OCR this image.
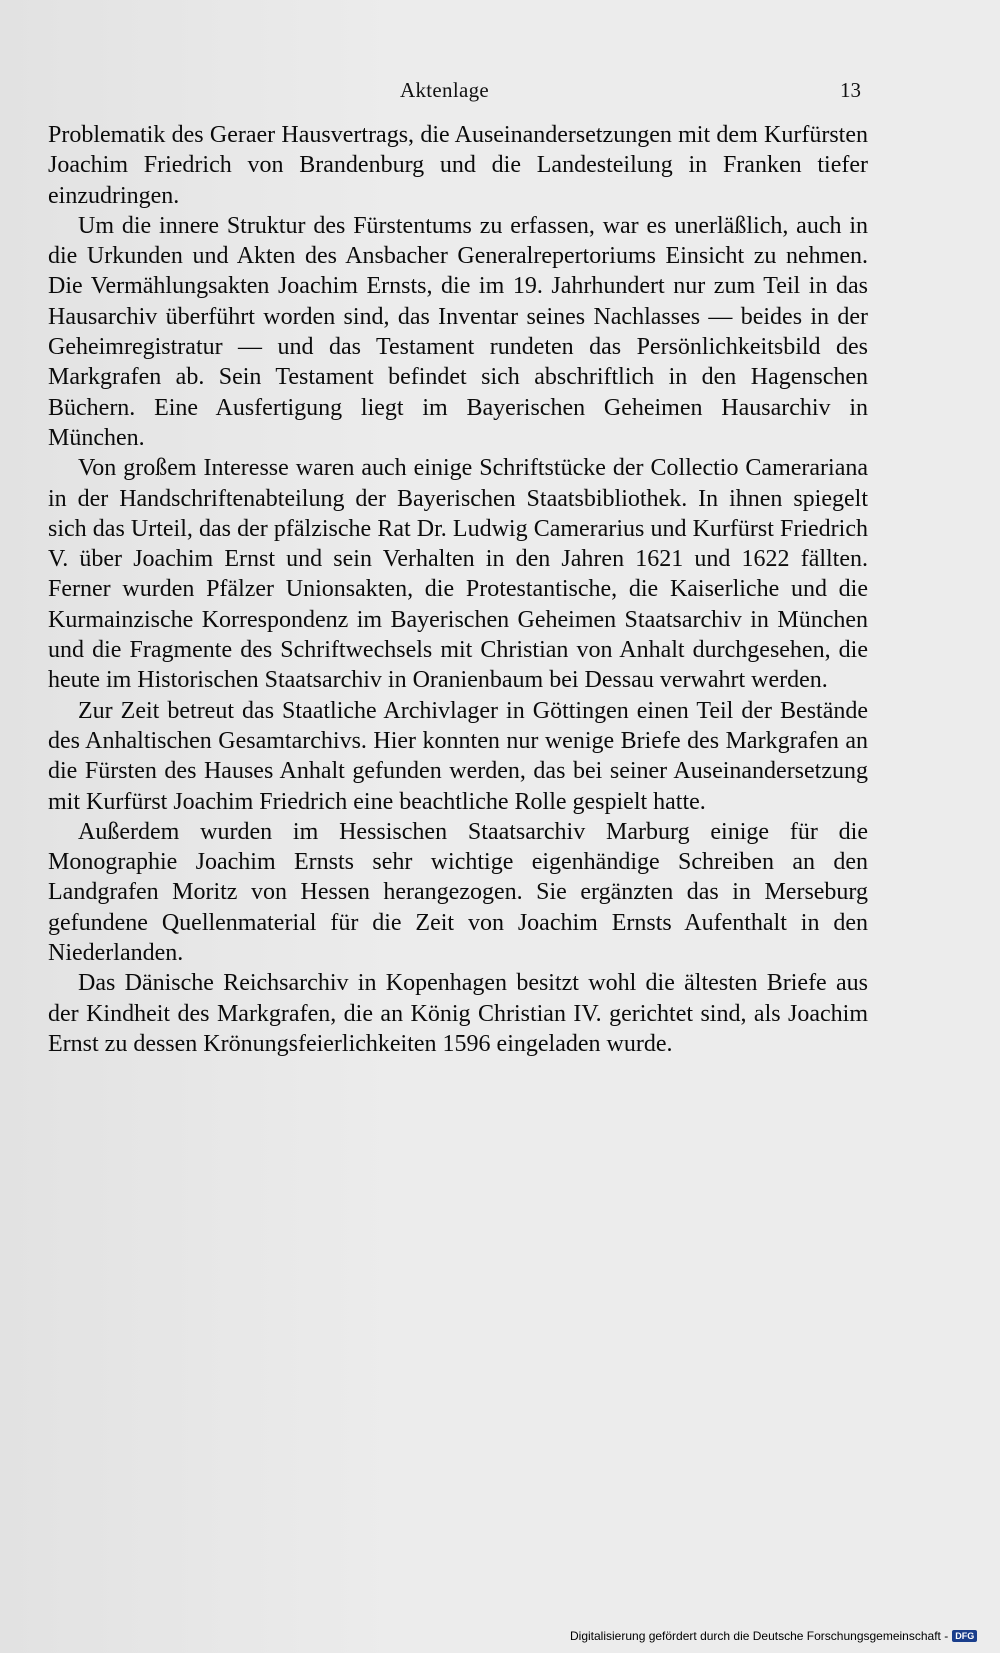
Aktenlage	13

Problematik des Geraer Hausvertrags, die Auseinandersetzungen mit dem Kurfürsten Joachim Friedrich von Brandenburg und die Landesteilung in Franken tiefer einzudringen.

Um die innere Struktur des Fürstentums zu erfassen, war es unerläßlich, auch in die Urkunden und Akten des Ansbacher Generalrepertoriums Einsicht zu nehmen. Die Vermählungsakten Joachim Ernsts, die im 19. Jahrhundert nur zum Teil in das Hausarchiv überführt worden sind, das Inventar seines Nachlasses — beides in der Geheimregistratur — und das Testament rundeten das Persönlichkeitsbild des Markgrafen ab. Sein Testament befindet sich abschriftlich in den Hagenschen Büchern. Eine Ausfertigung liegt im Bayerischen Geheimen Hausarchiv in München.

Von großem Interesse waren auch einige Schriftstücke der Collectio Camerariana in der Handschriftenabteilung der Bayerischen Staatsbibliothek. In ihnen spiegelt sich das Urteil, das der pfälzische Rat Dr. Ludwig Camerarius und Kurfürst Friedrich V. über Joachim Ernst und sein Verhalten in den Jahren 1621 und 1622 fällten. Ferner wurden Pfälzer Unionsakten, die Protestantische, die Kaiserliche und die Kurmainzische Korrespondenz im Bayerischen Geheimen Staatsarchiv in München und die Fragmente des Schriftwechsels mit Christian von Anhalt durchgesehen, die heute im Historischen Staatsarchiv in Oranienbaum bei Dessau verwahrt werden.

Zur Zeit betreut das Staatliche Archivlager in Göttingen einen Teil der Bestände des Anhaltischen Gesamtarchivs. Hier konnten nur wenige Briefe des Markgrafen an die Fürsten des Hauses Anhalt gefunden werden, das bei seiner Auseinandersetzung mit Kurfürst Joachim Friedrich eine beachtliche Rolle gespielt hatte.

Außerdem wurden im Hessischen Staatsarchiv Marburg einige für die Monographie Joachim Ernsts sehr wichtige eigenhändige Schreiben an den Landgrafen Moritz von Hessen herangezogen. Sie ergänzten das in Merseburg gefundene Quellenmaterial für die Zeit von Joachim Ernsts Aufenthalt in den Niederlanden.

Das Dänische Reichsarchiv in Kopenhagen besitzt wohl die ältesten Briefe aus der Kindheit des Markgrafen, die an König Christian IV. gerichtet sind, als Joachim Ernst zu dessen Krönungsfeierlichkeiten 1596 eingeladen wurde.

Digitalisierung gefördert durch die Deutsche Forschungsgemeinschaft - DFG
